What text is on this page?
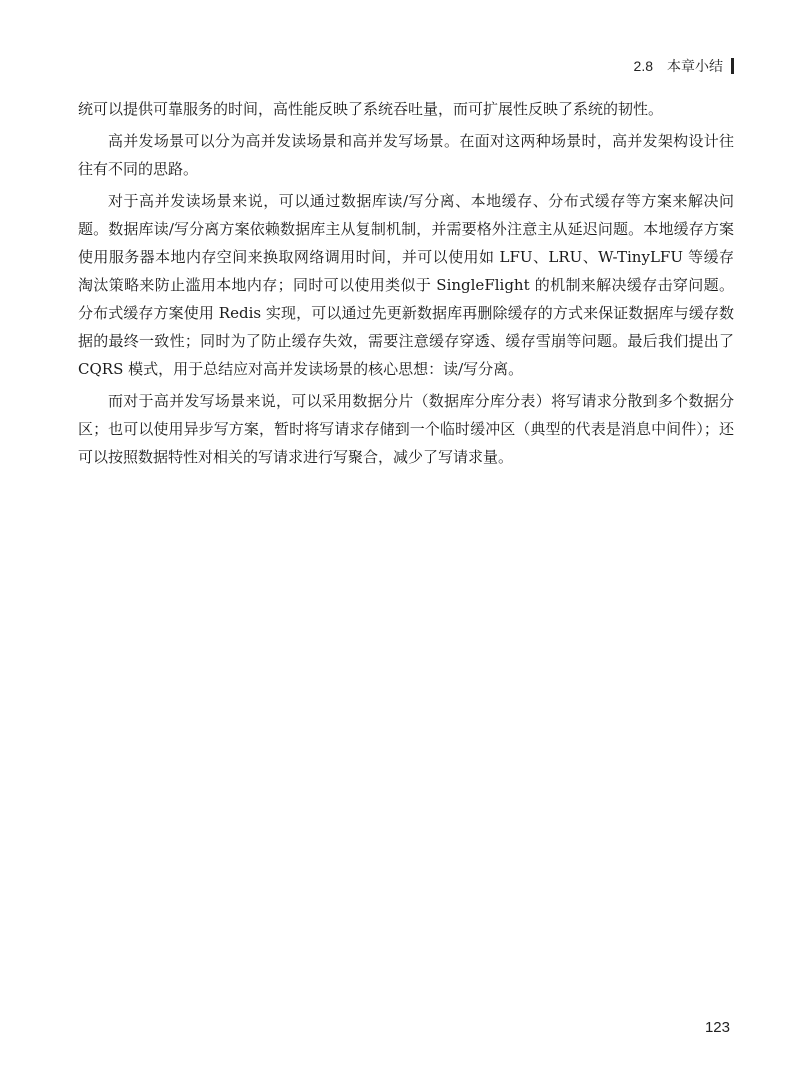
2.8 本章小结

统可以提供可靠服务的时间，高性能反映了系统吞吐量，而可扩展性反映了系统的韧性。

高并发场景可以分为高并发读场景和高并发写场景。在面对这两种场景时，高并发架构设计往往有不同的思路。

对于高并发读场景来说，可以通过数据库读/写分离、本地缓存、分布式缓存等方案来解决问题。数据库读/写分离方案依赖数据库主从复制机制，并需要格外注意主从延迟问题。本地缓存方案使用服务器本地内存空间来换取网络调用时间，并可以使用如 LFU、LRU、W-TinyLFU 等缓存淘汰策略来防止滥用本地内存；同时可以使用类似于 SingleFlight 的机制来解决缓存击穿问题。分布式缓存方案使用 Redis 实现，可以通过先更新数据库再删除缓存的方式来保证数据库与缓存数据的最终一致性；同时为了防止缓存失效，需要注意缓存穿透、缓存雪崩等问题。最后我们提出了 CQRS 模式，用于总结应对高并发读场景的核心思想：读/写分离。

而对于高并发写场景来说，可以采用数据分片（数据库分库分表）将写请求分散到多个数据分区；也可以使用异步写方案，暂时将写请求存储到一个临时缓冲区（典型的代表是消息中间件）；还可以按照数据特性对相关的写请求进行写聚合，减少了写请求量。

123
